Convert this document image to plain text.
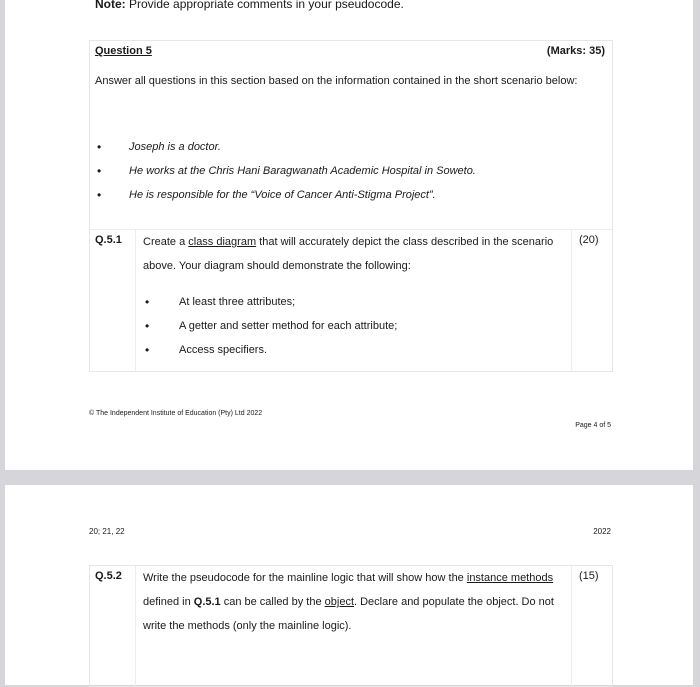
Note: Provide appropriate comments in your pseudocode.
Question 5	(Marks: 35)
Answer all questions in this section based on the information contained in the short scenario below:
• Joseph is a doctor.
• He works at the Chris Hani Baragwanath Academic Hospital in Soweto.
• He is responsible for the “Voice of Cancer Anti-Stigma Project”.
Q.5.1 Create a class diagram that will accurately depict the class described in the scenario above. Your diagram should demonstrate the following:
• At least three attributes;
• A getter and setter method for each attribute;
• Access specifiers.
(20)
© The Independent Institute of Education (Pty) Ltd 2022
Page 4 of 5
20; 21, 22	2022
Q.5.2 Write the pseudocode for the mainline logic that will show how the instance methods defined in Q.5.1 can be called by the object. Declare and populate the object. Do not write the methods (only the mainline logic).
(15)
